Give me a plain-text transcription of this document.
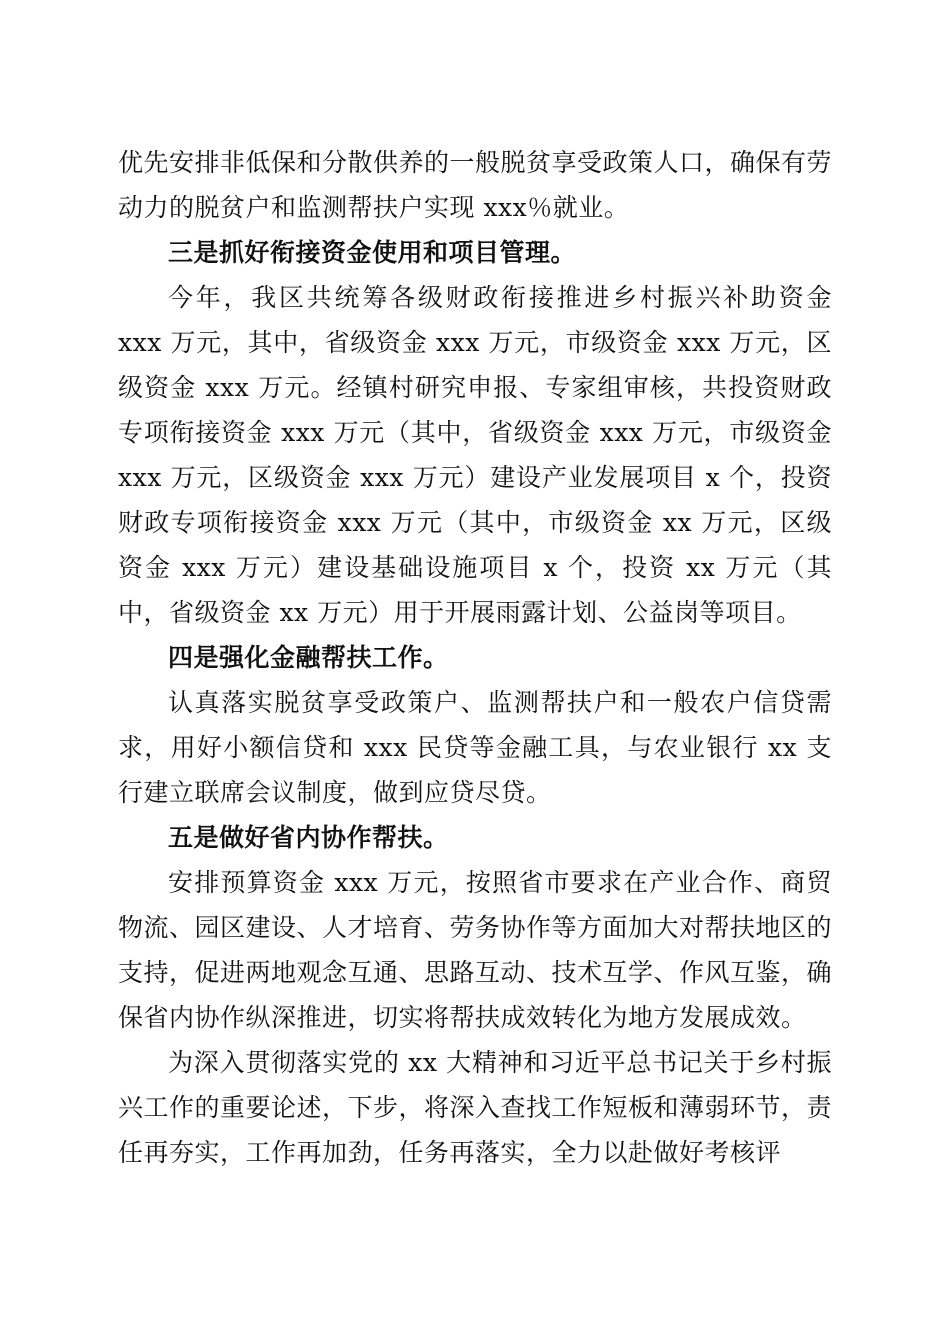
优先安排非低保和分散供养的一般脱贫享受政策人口，确保有劳动力的脱贫户和监测帮扶户实现 xxx％就业。

三是抓好衔接资金使用和项目管理。

今年，我区共统筹各级财政衔接推进乡村振兴补助资金 xxx 万元，其中，省级资金 xxx 万元，市级资金 xxx 万元，区级资金 xxx 万元。经镇村研究申报、专家组审核，共投资财政专项衔接资金 xxx 万元（其中，省级资金 xxx 万元，市级资金 xxx 万元，区级资金 xxx 万元）建设产业发展项目 x 个，投资财政专项衔接资金 xxx 万元（其中，市级资金 xx 万元，区级资金 xxx 万元）建设基础设施项目 x 个，投资 xx 万元（其中，省级资金 xx 万元）用于开展雨露计划、公益岗等项目。

四是强化金融帮扶工作。

认真落实脱贫享受政策户、监测帮扶户和一般农户信贷需求，用好小额信贷和 xxx 民贷等金融工具，与农业银行 xx 支行建立联席会议制度，做到应贷尽贷。

五是做好省内协作帮扶。

安排预算资金 xxx 万元，按照省市要求在产业合作、商贸物流、园区建设、人才培育、劳务协作等方面加大对帮扶地区的支持，促进两地观念互通、思路互动、技术互学、作风互鉴，确保省内协作纵深推进，切实将帮扶成效转化为地方发展成效。

为深入贯彻落实党的 xx 大精神和习近平总书记关于乡村振兴工作的重要论述，下步，将深入查找工作短板和薄弱环节，责任再夯实，工作再加劲，任务再落实，全力以赴做好考核评
